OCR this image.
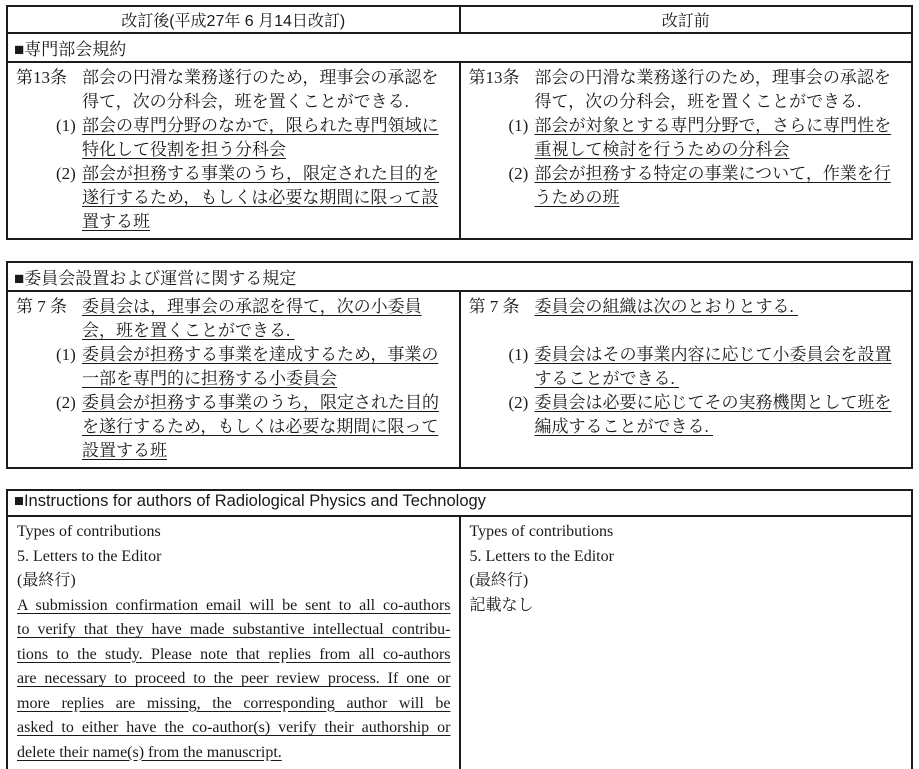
改訂後(平成27年 6 月14日改訂)	改訂前
■専門部会規約	

第13条 部会の円滑な業務遂行のため，理事会の承認を得て，次の分科会，班を置くことができる.
(1) 部会の専門分野のなかで，限られた専門領域に特化して役割を担う分科会
(2) 部会が担務する事業のうち，限定された目的を遂行するため，もしくは必要な期間に限って設置する班

第13条 部会の円滑な業務遂行のため，理事会の承認を得て，次の分科会，班を置くことができる.
(1) 部会が対象とする専門分野で，さらに専門性を重視して検討を行うための分科会
(2) 部会が担務する特定の事業について，作業を行うための班
■委員会設置および運営に関する規定

第 7 条 委員会は，理事会の承認を得て，次の小委員会，班を置くことができる.
(1) 委員会が担務する事業を達成するため，事業の一部を専門的に担務する小委員会
(2) 委員会が担務する事業のうち，限定された目的を遂行するため，もしくは必要な期間に限って設置する班

第 7 条 委員会の組織は次のとおりとする.
(1) 委員会はその事業内容に応じて小委員会を設置することができる.
(2) 委員会は必要に応じてその実務機関として班を編成することができる.
■Instructions for authors of Radiological Physics and Technology

Types of contributions
5. Letters to the Editor
(最終行)
A submission confirmation email will be sent to all co-authors
to verify that they have made substantive intellectual contribu-
tions to the study. Please note that replies from all co-authors
are necessary to proceed to the peer review process. If one or
more replies are missing, the corresponding author will be
asked to either have the co-author(s) verify their authorship or
delete their name(s) from the manuscript.

Types of contributions
5. Letters to the Editor
(最終行)
記載なし
